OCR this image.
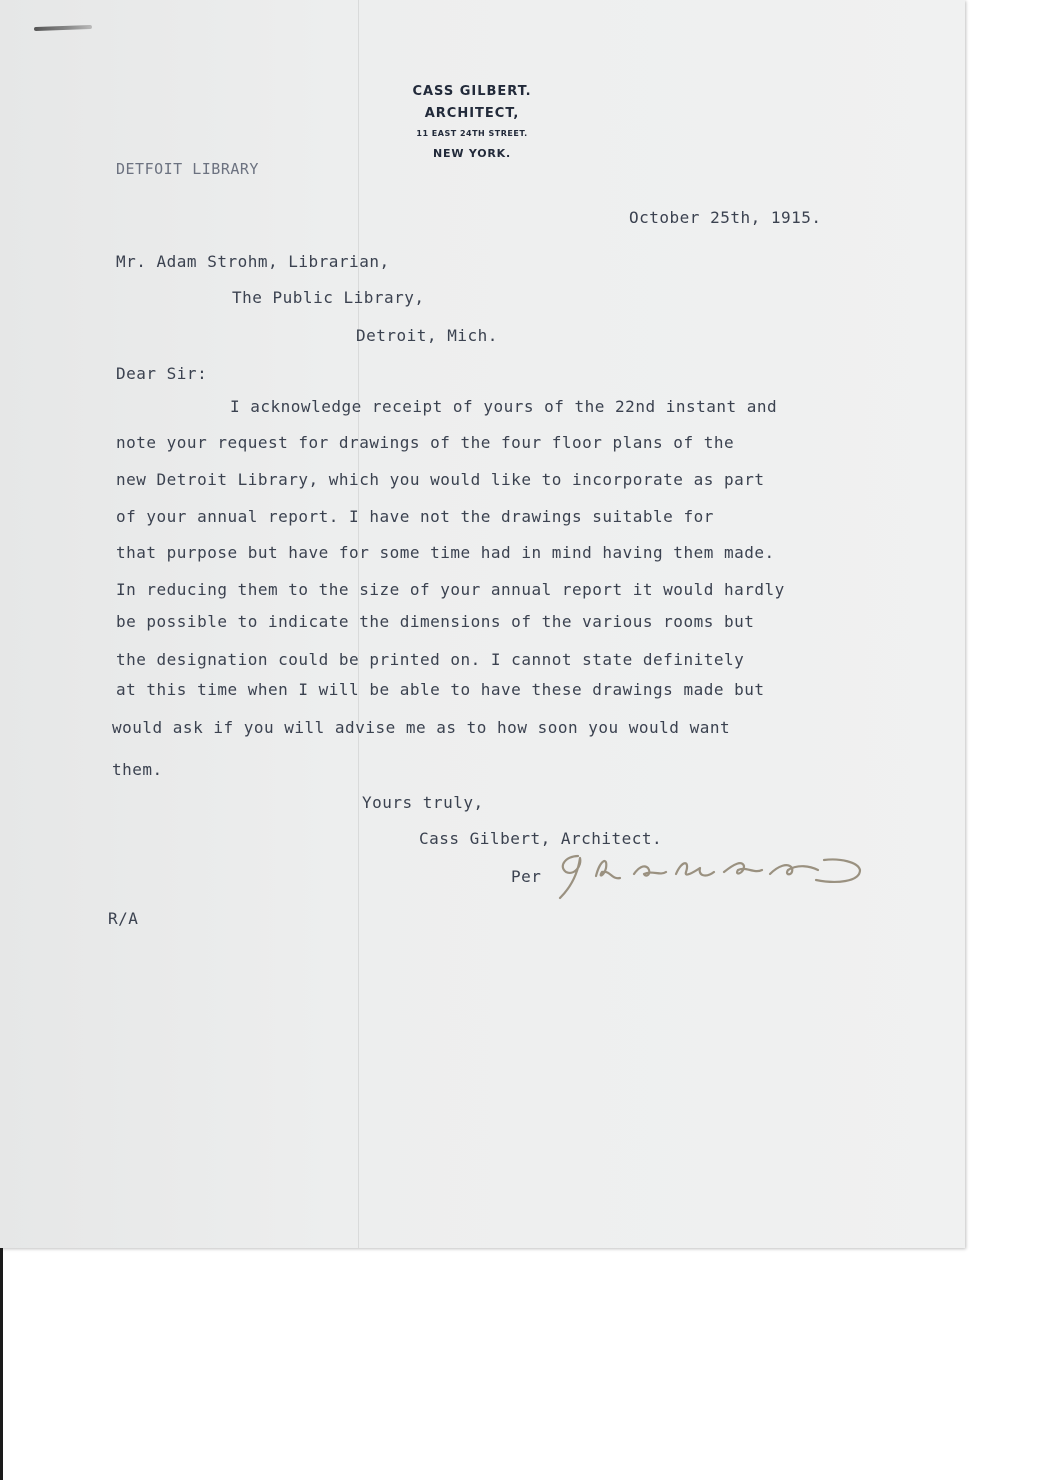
CASS GILBERT.
ARCHITECT,
11 EAST 24TH STREET.
NEW YORK.
DETFOIT LIBRARY
October 25th, 1915.
Mr. Adam Strohm, Librarian,
The Public Library,
Detroit, Mich.
Dear Sir:
I acknowledge receipt of yours of the 22nd instant and
note your request for drawings of the four floor plans of the
new Detroit Library, which you would like to incorporate as part
of your annual report. I have not the drawings suitable for
that purpose but have for some time had in mind having them made.
In reducing them to the size of your annual report it would hardly
be possible to indicate the dimensions of the various rooms but
the designation could be printed on. I cannot state definitely
at this time when I will be able to have these drawings made but
would ask if you will advise me as to how soon you would want
them.
Yours truly,
Cass Gilbert, Architect.
Per
R/A
